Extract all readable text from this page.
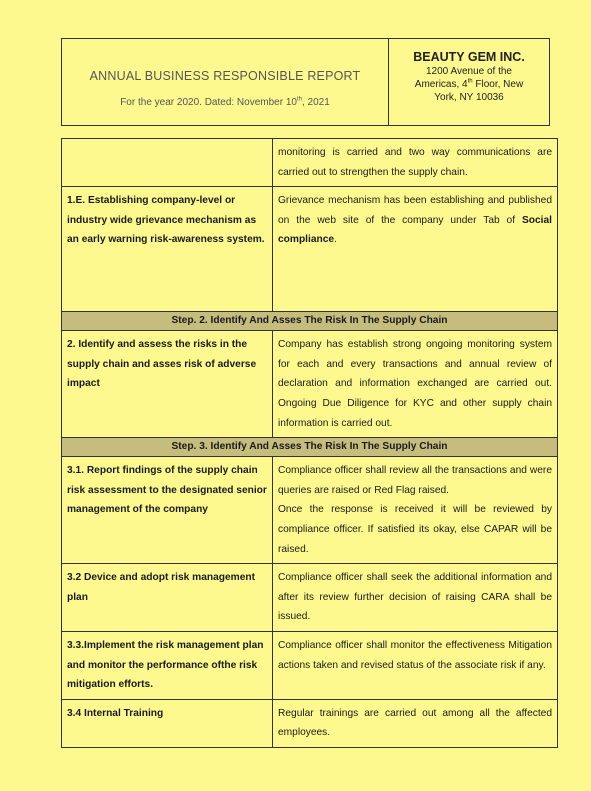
ANNUAL BUSINESS RESPONSIBLE REPORT
For the year 2020. Dated: November 10th, 2021
BEAUTY GEM INC.
1200 Avenue of the
Americas, 4th Floor, New
York, NY 10036
	monitoring is carried and two way communications are carried out to strengthen the supply chain.
1.E. Establishing company-level or industry wide grievance mechanism as an early warning risk-awareness system.	Grievance mechanism has been establishing and published on the web site of the company under Tab of Social compliance.
Step. 2. Identify And Asses The Risk In The Supply Chain	
2. Identify and assess the risks in the supply chain and asses risk of adverse impact	Company has establish strong ongoing monitoring system for each and every transactions and annual review of declaration and information exchanged are carried out. Ongoing Due Diligence for KYC and other supply chain information is carried out.
Step. 3. Identify And Asses The Risk In The Supply Chain	
3.1. Report findings of the supply chain risk assessment to the designated senior management of the company	Compliance officer shall review all the transactions and were queries are raised or Red Flag raised.

Once the response is received it will be reviewed by compliance officer. If satisfied its okay, else CAPAR will be raised.

3.2 Device and adopt risk management plan	Compliance officer shall seek the additional information and after its review further decision of raising CARA shall be issued.
3.3.Implement the risk management plan and monitor the performance ofthe risk mitigation efforts.	Compliance officer shall monitor the effectiveness Mitigation actions taken and revised status of the associate risk if any.
3.4 Internal Training	Regular trainings are carried out among all the affected employees.
